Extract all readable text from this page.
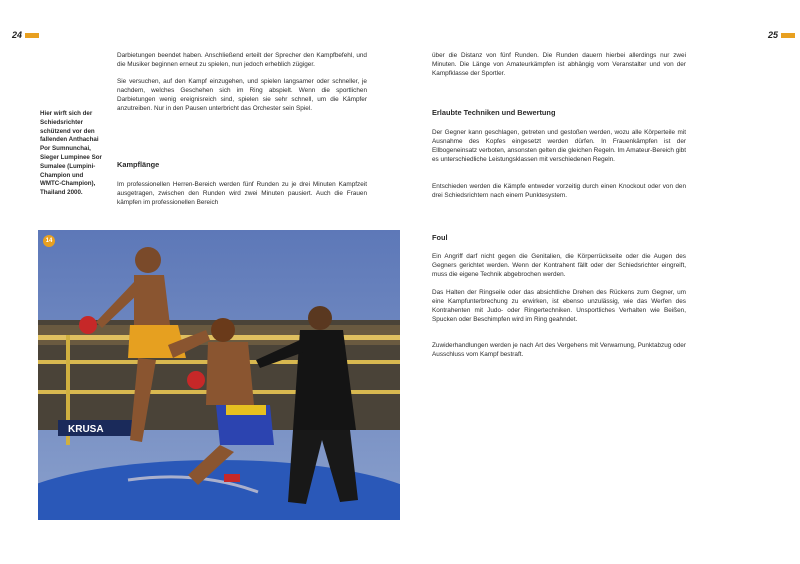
24	25

Hier wirft sich der Schiedsrichter schützend vor den fallenden Anthachai Por Sumnunchai, Sieger Lumpinee Sor Sumalee (Lumpini-Champion und WMTC-Champion), Thailand 2000.

Darbietungen beendet haben. Anschließend erteilt der Sprecher den Kampfbefehl, und die Musiker beginnen erneut zu spielen, nun jedoch erheblich zügiger.

Sie versuchen, auf den Kampf einzugehen, und spielen langsamer oder schneller, je nachdem, welches Geschehen sich im Ring abspielt. Wenn die sportlichen Darbietungen wenig ereignisreich sind, spielen sie sehr schnell, um die Kämpfer anzutreiben. Nur in den Pausen unterbricht das Orchester sein Spiel.

Kampflänge

Im professionellen Herren-Bereich werden fünf Runden zu je drei Minuten Kampfzeit ausgetragen, zwischen den Runden wird zwei Minuten pausiert. Auch die Frauen kämpfen im professionellen Bereich

KRUSA
14

über die Distanz von fünf Runden. Die Runden dauern hierbei allerdings nur zwei Minuten. Die Länge von Amateurkämpfen ist abhängig vom Veranstalter und von der Kampfklasse der Sportler.

Erlaubte Techniken und Bewertung

Der Gegner kann geschlagen, getreten und gestoßen werden, wozu alle Körperteile mit Ausnahme des Kopfes eingesetzt werden dürfen. In Frauenkämpfen ist der Ellbogeneinsatz verboten, ansonsten gelten die gleichen Regeln. Im Amateur-Bereich gibt es unterschiedliche Leistungsklassen mit verschiedenen Regeln.

Entschieden werden die Kämpfe entweder vorzeitig durch einen Knockout oder von den drei Schiedsrichtern nach einem Punktesystem.

Foul

Ein Angriff darf nicht gegen die Genitalien, die Körperrückseite oder die Augen des Gegners gerichtet werden. Wenn der Kontrahent fällt oder der Schiedsrichter eingreift, muss die eigene Technik abgebrochen werden.

Das Halten der Ringseile oder das absichtliche Drehen des Rückens zum Gegner, um eine Kampfunterbrechung zu erwirken, ist ebenso unzulässig, wie das Werfen des Kontrahenten mit Judo- oder Ringertechniken. Unsportliches Verhalten wie Beißen, Spucken oder Beschimpfen wird im Ring geahndet.

Zuwiderhandlungen werden je nach Art des Vergehens mit Verwarnung, Punktabzug oder Ausschluss vom Kampf bestraft.
